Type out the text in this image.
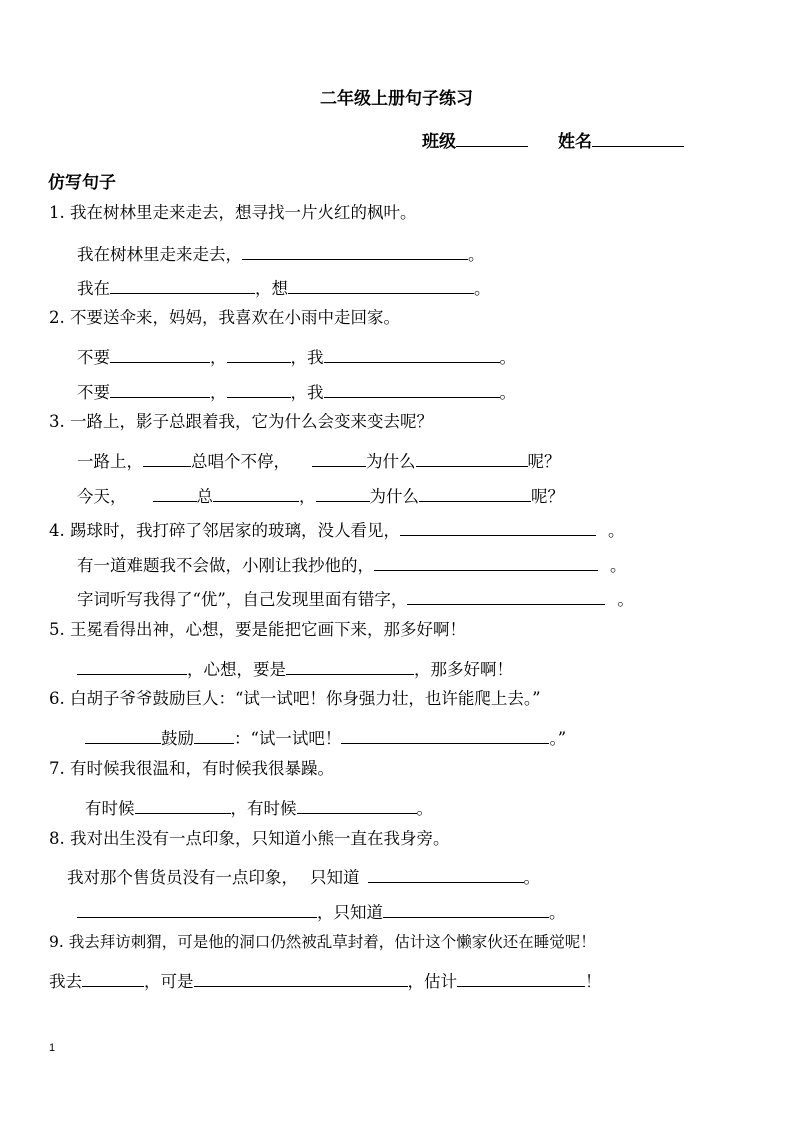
二年级上册句子练习
班级	姓名
仿写句子
1. 我在树林里走来走去，想寻找一片火红的枫叶。
我在树林里走来走去，	。
我在	，想	。
2. 不要送伞来，妈妈，我喜欢在小雨中走回家。
不要	，	，我	。
不要	，	，我	。
3. 一路上，影子总跟着我，它为什么会变来变去呢？
一路上，	总唱个不停，	为什么	呢？
今天，	总	，	为什么	呢？
4. 踢球时，我打碎了邻居家的玻璃，没人看见，	。
有一道难题我不会做，小刚让我抄他的，	。
字词听写我得了“优”，自己发现里面有错字，	。
5. 王冕看得出神，心想，要是能把它画下来，那多好啊！
，心想，要是	，那多好啊！
6. 白胡子爷爷鼓励巨人：“试一试吧！你身强力壮，也许能爬上去。”
鼓励 ：“试一试吧！	。”
7. 有时候我很温和，有时候我很暴躁。
有时候	，有时候	。
8. 我对出生没有一点印象，只知道小熊一直在我身旁。
我对那个售货员没有一点印象， 只知道	。
，只知道	。
9. 我去拜访刺猬，可是他的洞口仍然被乱草封着，估计这个懒家伙还在睡觉呢！
我去	，可是	，估计	！
1
